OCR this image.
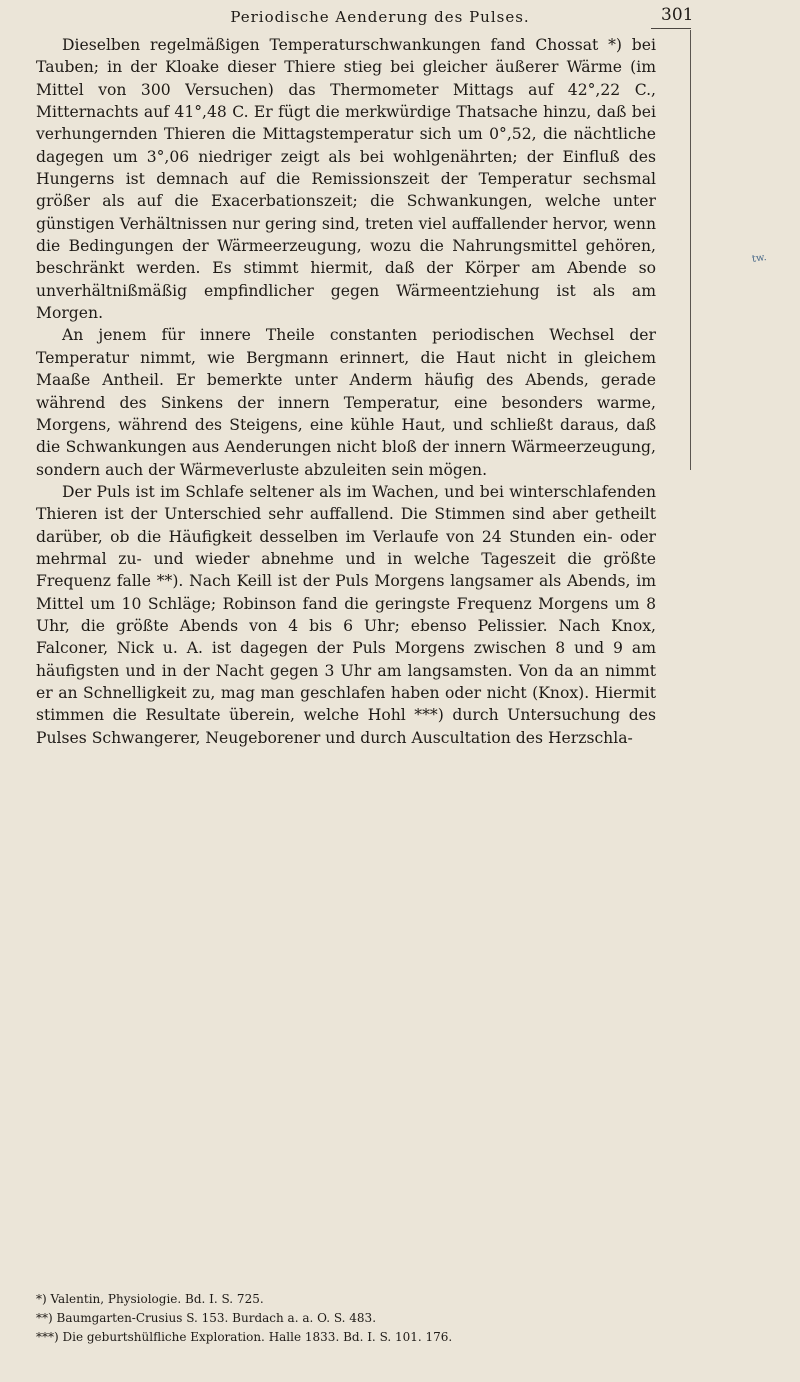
Periodische Aenderung des Pulses.	301

Dieselben regelmäßigen Temperaturschwankungen fand Chossat *) bei Tauben; in der Kloake dieser Thiere stieg bei gleicher äußerer Wärme (im Mittel von 300 Versuchen) das Thermometer Mittags auf 42°,22 C., Mitternachts auf 41°,48 C. Er fügt die merkwürdige Thatsache hinzu, daß bei verhungernden Thieren die Mittagstemperatur sich um 0°,52, die nächtliche dagegen um 3°,06 niedriger zeigt als bei wohlgenährten; der Einfluß des Hungerns ist demnach auf die Remissionszeit der Temperatur sechsmal größer als auf die Exacerbationszeit; die Schwankungen, welche unter günstigen Verhältnissen nur gering sind, treten viel auffallender hervor, wenn die Bedingungen der Wärmeerzeugung, wozu die Nahrungsmittel gehören, beschränkt werden. Es stimmt hiermit, daß der Körper am Abende so unverhältnißmäßig empfindlicher gegen Wärmeentziehung ist als am Morgen.

An jenem für innere Theile constanten periodischen Wechsel der Temperatur nimmt, wie Bergmann erinnert, die Haut nicht in gleichem Maaße Antheil. Er bemerkte unter Anderm häufig des Abends, gerade während des Sinkens der innern Temperatur, eine besonders warme, Morgens, während des Steigens, eine kühle Haut, und schließt daraus, daß die Schwankungen aus Aenderungen nicht bloß der innern Wärmeerzeugung, sondern auch der Wärmeverluste abzuleiten sein mögen.

Der Puls ist im Schlafe seltener als im Wachen, und bei winterschlafenden Thieren ist der Unterschied sehr auffallend. Die Stimmen sind aber getheilt darüber, ob die Häufigkeit desselben im Verlaufe von 24 Stunden ein- oder mehrmal zu- und wieder abnehme und in welche Tageszeit die größte Frequenz falle **). Nach Keill ist der Puls Morgens langsamer als Abends, im Mittel um 10 Schläge; Robinson fand die geringste Frequenz Morgens um 8 Uhr, die größte Abends von 4 bis 6 Uhr; ebenso Pelissier. Nach Knox, Falconer, Nick u. A. ist dagegen der Puls Morgens zwischen 8 und 9 am häufigsten und in der Nacht gegen 3 Uhr am langsamsten. Von da an nimmt er an Schnelligkeit zu, mag man geschlafen haben oder nicht (Knox). Hiermit stimmen die Resultate überein, welche Hohl ***) durch Untersuchung des Pulses Schwangerer, Neugeborener und durch Auscultation des Herzschla-

*) Valentin, Physiologie. Bd. I. S. 725.
**) Baumgarten-Crusius S. 153. Burdach a. a. O. S. 483.
***) Die geburtshülfliche Exploration. Halle 1833. Bd. I. S. 101. 176.
tw.
